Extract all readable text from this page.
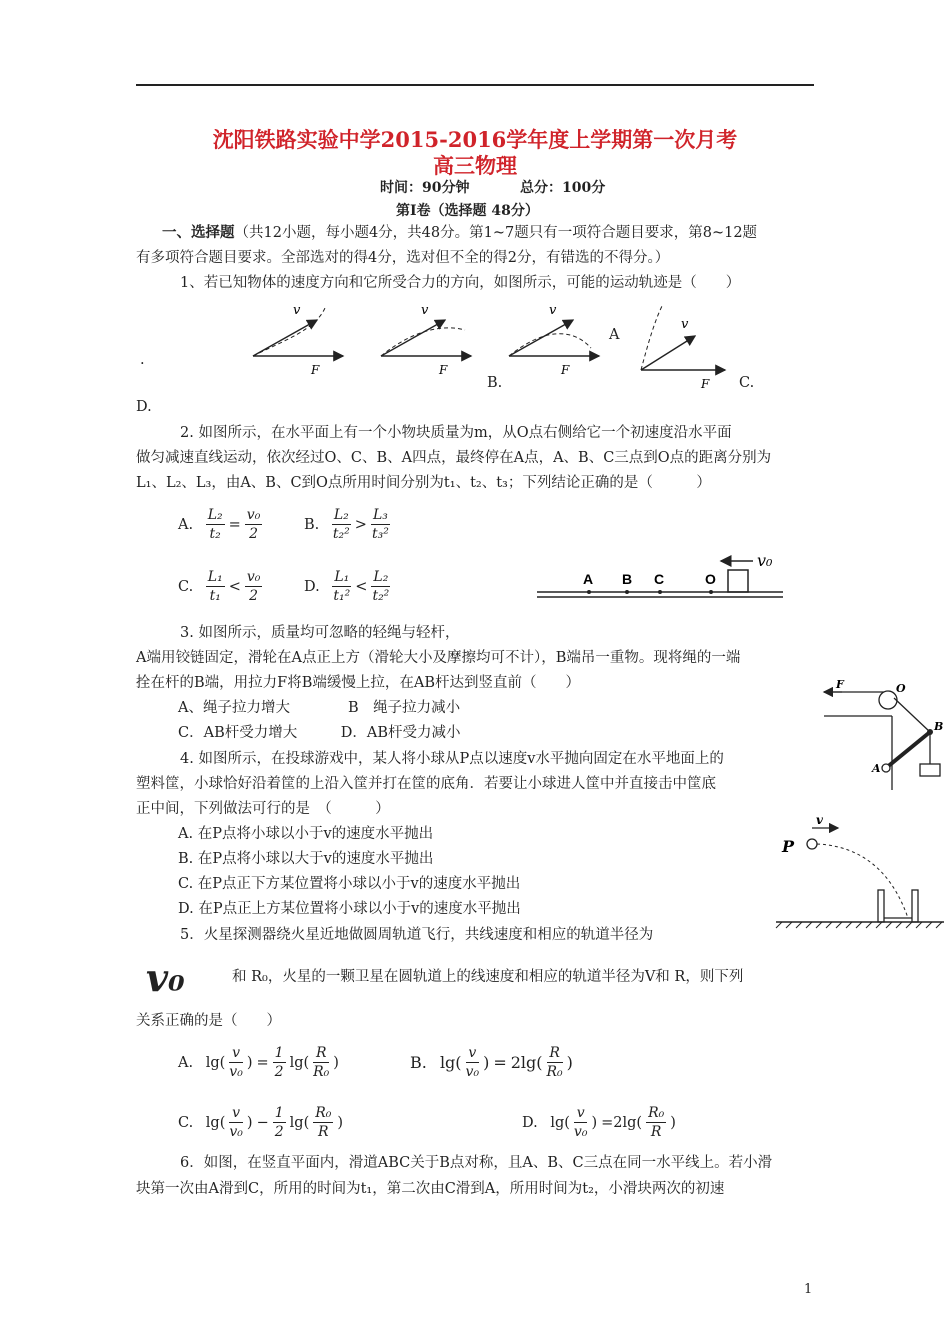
沈阳铁路实验中学2015-2016学年度上学期第一次月考
高三物理
时间：90分钟	总分：100分
第Ⅰ卷（选择题 48分）
一、选择题（共12小题，每小题4分，共48分。第1~7题只有一项符合题目要求，第8~12题
有多项符合题目要求。全部选对的得4分，选对但不全的得2分，有错选的不得分。）
1、若已知物体的速度方向和它所受合力的方向，如图所示，可能的运动轨迹是（　　）
.
v
F
v
F
v
F
v
F
A
B.	C.
D.
2. 如图所示，在水平面上有一个小物块质量为m，从O点右侧给它一个初速度沿水平面
做匀减速直线运动，依次经过O、C、B、A四点，最终停在A点，A、B、C三点到O点的距离分别为
L₁、L₂、L₃，由A、B、C到O点所用时间分别为t₁、t₂、t₃；下列结论正确的是（　　　）
A.
$\frac{\text{L₂}}{\text{t₂}} = \frac{\text{v₀}}{2}$	B.
$\frac{\text{L₂}}{\text{t₂²}} > \frac{\text{L₃}}{\text{t₃²}}$
C.
$\frac{\text{L₁}}{\text{t₁}} < \frac{\text{v₀}}{2}$	D.
$\frac{\text{L₁}}{\text{t₁²}} < \frac{\text{L₂}}{\text{t₂²}}$	A B C	O
v₀
3. 如图所示，质量均可忽略的轻绳与轻杆，
A端用铰链固定，滑轮在A点正上方（滑轮大小及摩擦均可不计），B端吊一重物。现将绳的一端
拴在杆的B端，用拉力F将B端缓慢上拉，在AB杆达到竖直前（　　）
A、绳子拉力增大　　　　B　绳子拉力减小
C．AB杆受力增大　　　D．AB杆受力减小
F	O
B
A
4. 如图所示，在投球游戏中，某人将小球从P点以速度v水平抛向固定在水平地面上的
塑料筐，小球恰好沿着筐的上沿入筐并打在筐的底角．若要让小球进人筐中并直接击中筐底
正中间，下列做法可行的是　（　　　）
A. 在P点将小球以小于v的速度水平抛出
B. 在P点将小球以大于v的速度水平抛出
C. 在P点正下方某位置将小球以小于v的速度水平抛出
D. 在P点正上方某位置将小球以小于v的速度水平抛出
P
v
5．火星探测器绕火星近地做圆周轨道飞行，共线速度和相应的轨道半径为
v₀	和 R₀，火星的一颗卫星在圆轨道上的线速度和相应的轨道半径为V和 R，则下列
关系正确的是（　　）
A.
$\lg( \frac{v}{\text{v₀}}$ ) = $\frac{1}{2} \lg( \frac{R}{\text{R₀}}$ )	B.
$\lg( \frac{v}{\text{v₀}}$ ) = $2\lg( \frac{R}{\text{R₀}}$ )
C.
$\lg( \frac{v}{\text{v₀}}$ ) − $\frac{1}{2} \lg( \frac{\text{R₀}}{R}$ )	D.
$\lg( \frac{v}{\text{v₀}}$ ) $=2\lg( \frac{\text{R₀}}{R}$ )
6．如图，在竖直平面内，滑道ABC关于B点对称，且A、B、C三点在同一水平线上。若小滑
块第一次由A滑到C，所用的时间为t₁，第二次由C滑到A，所用时间为t₂，小滑块两次的初速
1
